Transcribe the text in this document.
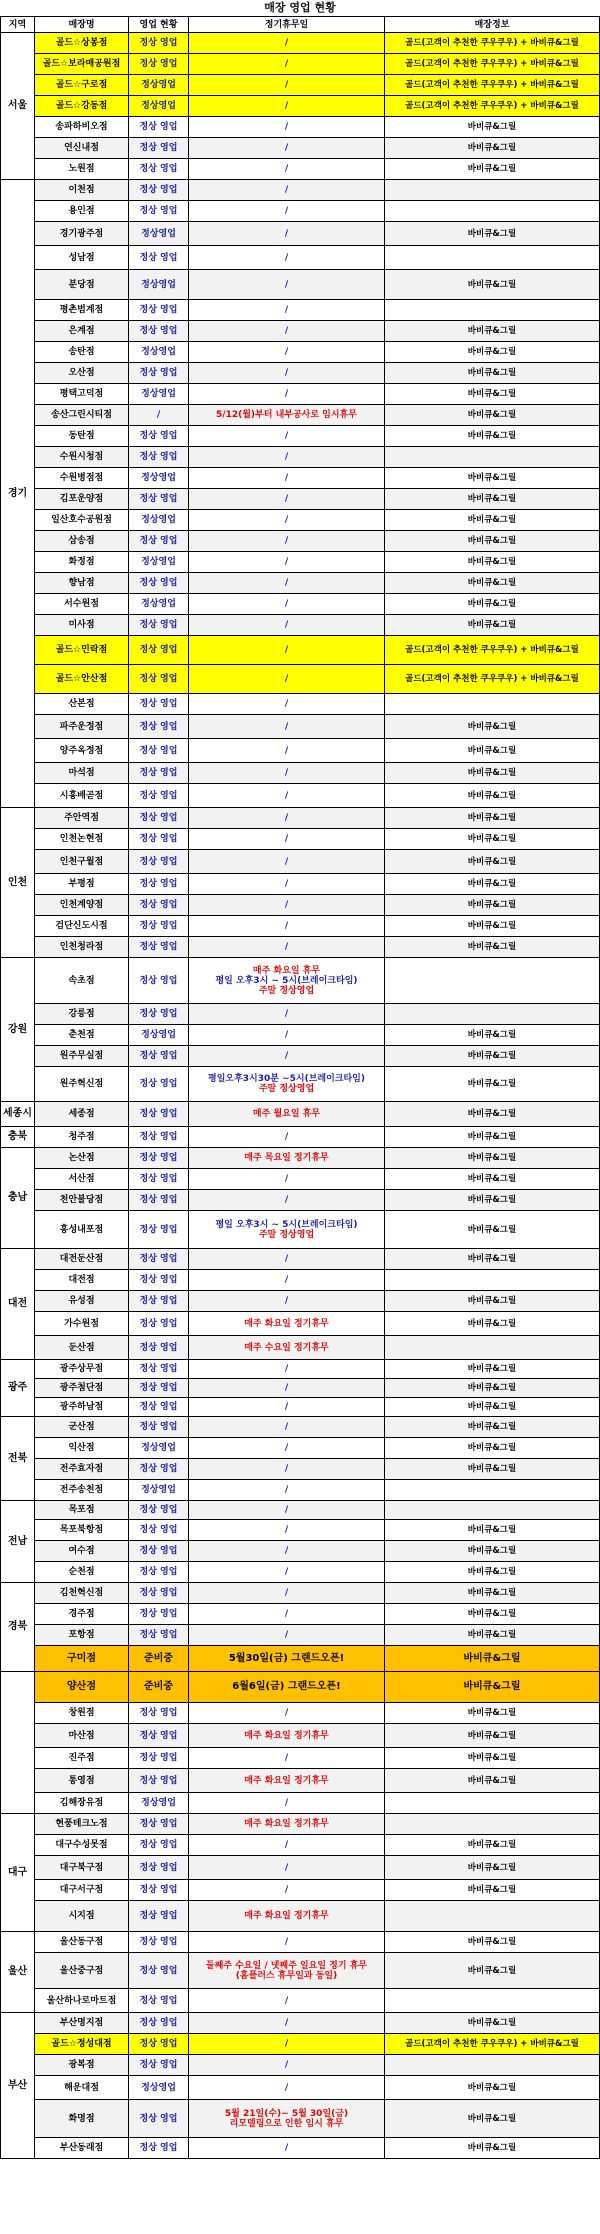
매장 영업 현황
지역	매장명	영업 현황	정기휴무일	매장정보
서울	골드☆상봉점	정상 영업	/	골드(고객이 추천한 쿠우쿠우) + 바비큐&그릴
	골드☆보라매공원점	정상 영업	/	골드(고객이 추천한 쿠우쿠우) + 바비큐&그릴
	골드☆구로점	정상영업	/	골드(고객이 추천한 쿠우쿠우) + 바비큐&그릴
	골드☆강동점	정상영업	/	골드(고객이 추천한 쿠우쿠우) + 바비큐&그릴
	송파하비오점	정상 영업	/	바비큐&그릴
	연신내점	정상 영업	/	바비큐&그릴
	노원점	정상 영업	/	바비큐&그릴
경기	이천점	정상 영업	/	

	용인점	정상 영업	/	

	경기광주점	정상영업	/	바비큐&그릴
	성남점	정상 영업	/	

	분당점	정상영업	/	바비큐&그릴
	평촌범계점	정상 영업	/	

	은계점	정상 영업	/	바비큐&그릴
	송탄점	정상영업	/	바비큐&그릴
	오산점	정상 영업	/	바비큐&그릴
	평택고덕점	정상영업	/	바비큐&그릴
	송산그린시티점	/	5/12(월)부터 내부공사로 임시휴무	바비큐&그릴
	동탄점	정상 영업	/	바비큐&그릴
	수원시청점	정상 영업	/	

	수원병점점	정상영업	/	바비큐&그릴
	김포운양점	정상 영업	/	바비큐&그릴
	일산호수공원점	정상영업	/	바비큐&그릴
	삼송점	정상 영업	/	바비큐&그릴
	화정점	정상영업	/	바비큐&그릴
	향남점	정상 영업	/	바비큐&그릴
	서수원점	정상영업	/	바비큐&그릴
	미사점	정상 영업	/	바비큐&그릴
	골드☆민락점	정상 영업	/	골드(고객이 추천한 쿠우쿠우) + 바비큐&그릴
	골드☆안산점	정상 영업	/	골드(고객이 추천한 쿠우쿠우) + 바비큐&그릴
	산본점	정상 영업	/	

	파주운정점	정상 영업	/	바비큐&그릴
	양주옥정점	정상 영업	/	바비큐&그릴
	마석점	정상 영업	/	바비큐&그릴
	시흥배곧점	정상 영업	/	바비큐&그릴
인천	주안역점	정상 영업	/	바비큐&그릴
	인천논현점	정상 영업	/	바비큐&그릴
	인천구월점	정상 영업	/	바비큐&그릴
	부평점	정상 영업	/	바비큐&그릴
	인천계양점	정상 영업	/	바비큐&그릴
	검단신도시점	정상 영업	/	바비큐&그릴
	인천청라점	정상 영업	/	바비큐&그릴
강원	속초점	정상 영업	매주 화요일 휴무
평일 오후3시 ~ 5시(브레이크타임)
주말 정상영업	

	강릉점	정상 영업	/	

	춘천점	정상영업	/	바비큐&그릴
	원주무실점	정상 영업	/	바비큐&그릴
	원주혁신점	정상 영업	평일오후3시30분 ~5시(브레이크타임)
주말 정상영업	바비큐&그릴
세종시	세종점	정상 영업	매주 월요일 휴무	바비큐&그릴
충북	청주점	정상 영업	/	바비큐&그릴
충남	논산점	정상 영업	매주 목요일 정기휴무	바비큐&그릴
	서산점	정상 영업	/	바비큐&그릴
	천안불당점	정상 영업	/	바비큐&그릴
	홍성내포점	정상 영업	평일 오후3시 ~ 5시(브레이크타임)
주말 정상영업	바비큐&그릴
대전	대전둔산점	정상 영업	/	바비큐&그릴
	대전점	정상 영업	/	

	유성점	정상 영업	/	바비큐&그릴
	가수원점	정상 영업	매주 화요일 정기휴무	바비큐&그릴
	둔산점	정상 영업	매주 수요일 정기휴무	

광주	광주상무점	정상 영업	/	바비큐&그릴
	광주첨단점	정상 영업	/	바비큐&그릴
	광주하남점	정상 영업	/	바비큐&그릴
전북	군산점	정상 영업	/	바비큐&그릴
	익산점	정상영업	/	바비큐&그릴
	전주효자점	정상 영업	/	바비큐&그릴
	전주송천점	정상영업	/	

전남	목포점	정상 영업	/	

	목포북항점	정상 영업	/	바비큐&그릴
	여수점	정상 영업	/	바비큐&그릴
	순천점	정상 영업	/	바비큐&그릴
경북	김천혁신점	정상 영업	/	바비큐&그릴
	경주점	정상 영업	/	바비큐&그릴
	포항점	정상 영업	/	바비큐&그릴
	구미점	준비중	5월30일(금) 그랜드오픈!	바비큐&그릴
	양산점	준비중	6월6일(금) 그랜드오픈!	바비큐&그릴
	창원점	정상 영업	/	바비큐&그릴
	마산점	정상 영업	매주 화요일 정기휴무	바비큐&그릴
	진주점	정상 영업	/	바비큐&그릴
	통영점	정상 영업	매주 화요일 정기휴무	바비큐&그릴
	김해장유점	정상영업	/	

대구	현풍테크노점	정상 영업	매주 화요일 정기휴무	

	대구수성못점	정상 영업	/	바비큐&그릴
	대구북구점	정상 영업	/	바비큐&그릴
	대구서구점	정상 영업	/	바비큐&그릴
	시지점	정상 영업	매주 화요일 정기휴무	

울산	울산동구점	정상 영업	/	바비큐&그릴
	울산중구점	정상 영업	둘째주 수요일 / 넷째주 일요일 정기 휴무
(홈플러스 휴무일과 동일)	바비큐&그릴
	울산하나로마트점	정상 영업	/	

부산	부산명지점	정상 영업	/	바비큐&그릴
	골드☆정성대점	정상 영업	/	골드(고객이 추천한 쿠우쿠우) + 바비큐&그릴
	광복점	정상 영업	/	

	해운대점	정상영업	/	바비큐&그릴
	화명점	정상 영업	5월 21일(수)~ 5월 30일(금)
리모델링으로 인한 임시 휴무	바비큐&그릴
	부산동래점	정상 영업	/	바비큐&그릴
